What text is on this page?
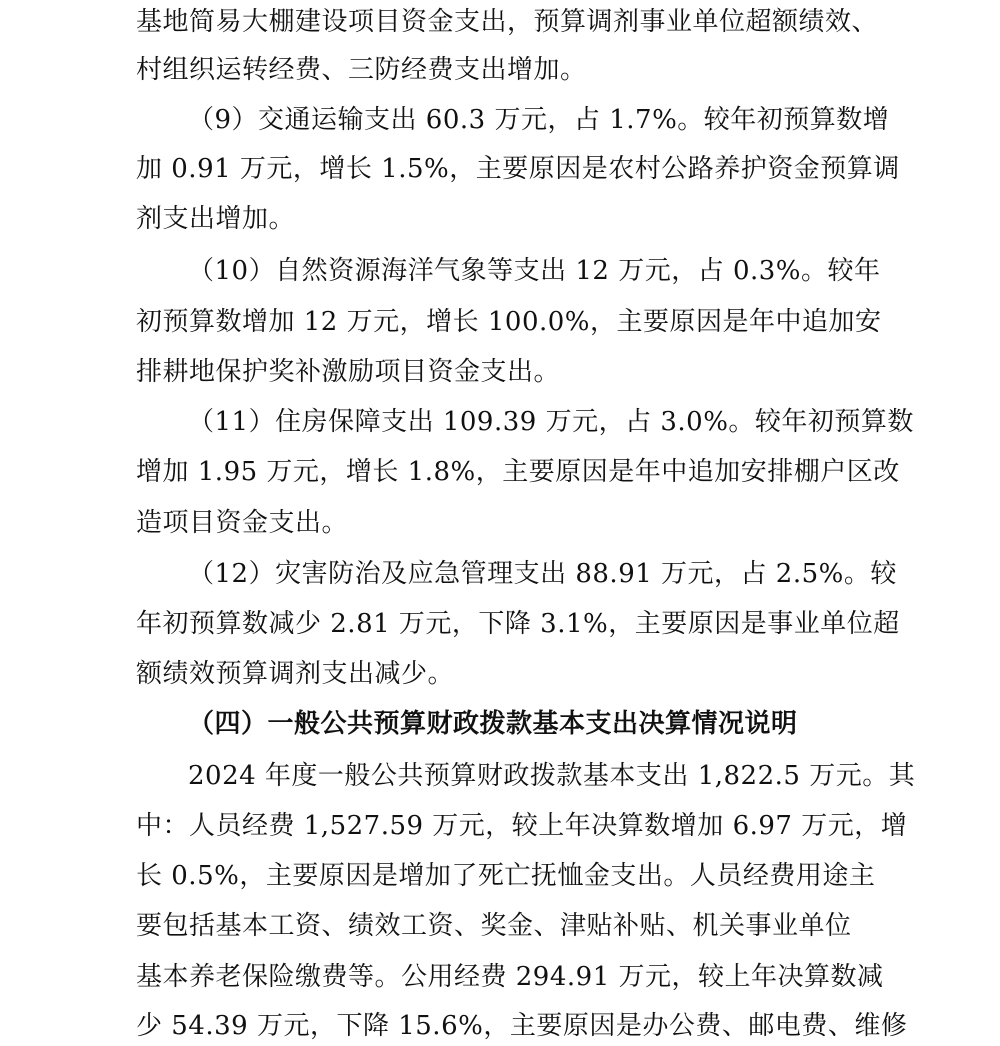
基地简易大棚建设项目资金支出，预算调剂事业单位超额绩效、
村组织运转经费、三防经费支出增加。
（9）交通运输支出 60.3 万元，占 1.7%。较年初预算数增
加 0.91 万元，增长 1.5%，主要原因是农村公路养护资金预算调
剂支出增加。
（10）自然资源海洋气象等支出 12 万元，占 0.3%。较年
初预算数增加 12 万元，增长 100.0%，主要原因是年中追加安
排耕地保护奖补激励项目资金支出。
（11）住房保障支出 109.39 万元，占 3.0%。较年初预算数
增加 1.95 万元，增长 1.8%，主要原因是年中追加安排棚户区改
造项目资金支出。
（12）灾害防治及应急管理支出 88.91 万元，占 2.5%。较
年初预算数减少 2.81 万元，下降 3.1%，主要原因是事业单位超
额绩效预算调剂支出减少。
（四）一般公共预算财政拨款基本支出决算情况说明
2024 年度一般公共预算财政拨款基本支出 1,822.5 万元。其
中：人员经费 1,527.59 万元，较上年决算数增加 6.97 万元，增
长 0.5%，主要原因是增加了死亡抚恤金支出。人员经费用途主
要包括基本工资、绩效工资、奖金、津贴补贴、机关事业单位
基本养老保险缴费等。公用经费 294.91 万元，较上年决算数减
少 54.39 万元，下降 15.6%，主要原因是办公费、邮电费、维修
